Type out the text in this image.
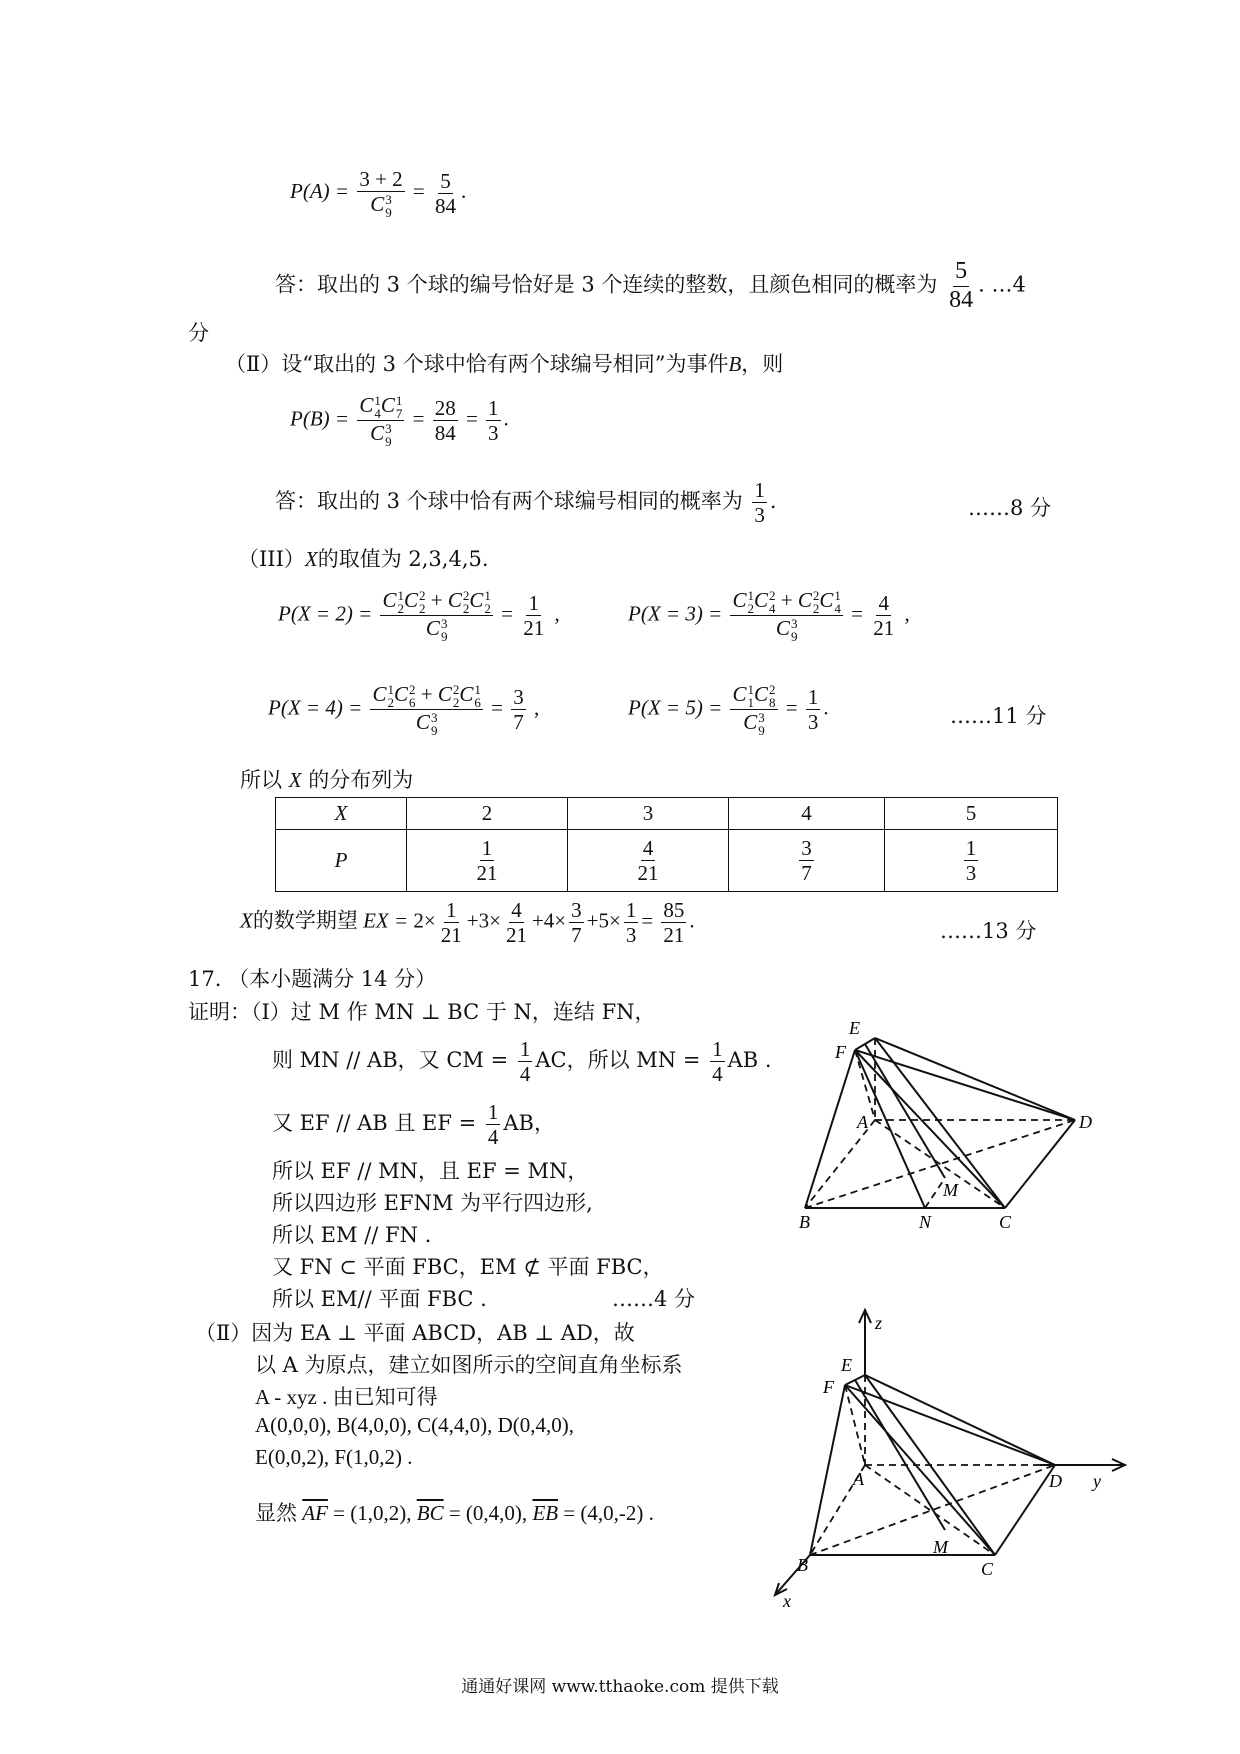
P(A) = 3 + 2
C 3
$9 = \frac{5}{84}$ .
答：取出的 3 个球的编号恰好是 3 个连续的整数，且颜色相同的概率为 $\frac{5}{84}$ . …4
分
（Ⅱ）设“取出的 3 个球中恰有两个球编号相同”为事件B，则
P(B) = C 1
4 C 1
7
C 3
$9 = \frac{28}{84} = \frac{1}{3}$ .
答：取出的 3 个球中恰有两个球编号相同的概率为 $\frac{1}{3}$ .	……8 分
（III）X的取值为 2,3,4,5.
P(X = 2) = C 1
2 C 2
2 + C 2
2 C 1
2
C 3
$9 = \frac{1}{21}$ ,	P(X = 3) = C 1
2 C 2
4 + C 2
2 C 1
4
C 3
$9 = \frac{4}{21}$ ,
P(X = 4) = C 1
2 C 2
6 + C 2
2 C 1
6
C 3
$9 = \frac{3}{7}$ ,	P(X = 5) = C 1
1 C 2
8
C 3
$9 = \frac{1}{3}$ .	……11 分
所以 X 的分布列为
X	2	3	4	5
P	$\frac{1}{21}$	$\frac{4}{21}$	$\frac{3}{7}$	$\frac{1}{3}$
X的数学期望 EX = $2\times \frac{1}{21} +3\times \frac{4}{21} +4\times \frac{3}{7} +5\times \frac{1}{3} = \frac{85}{21}$ .	……13 分
17. （本小题满分 14 分）
证明：（Ⅰ）过 M 作 MN ⊥ BC 于 N，连结 FN，
则 MN // AB，又 CM = $\frac{1}{4}$ AC，所以 MN = $\frac{1}{4}$ AB .
又 EF // AB 且 EF = $\frac{1}{4}$ AB，
所以 EF // MN，且 EF = MN，
所以四边形 EFNM 为平行四边形,
所以 EM // FN .
又 FN ⊂ 平面 FBC，EM ⊄ 平面 FBC，
所以 EM// 平面 FBC .	……4 分
（Ⅱ）因为 EA ⊥ 平面 ABCD，AB ⊥ AD，故
以 A 为原点，建立如图所示的空间直角坐标系
A - xyz . 由已知可得
A(0,0,0), B(4,0,0), C(4,4,0), D(0,4,0),
E(0,0,2), F(1,0,2) .
显然 $\overline{AF} = (1,0,2)$, $\overline{BC} = (0,4,0)$, $\overline{EB} = (4,0,-2)$ .
E
F
A	D
M
B	N	C
z
E
F
A	D y
M
B	C
x
通通好课网 www.tthaoke.com 提供下载
